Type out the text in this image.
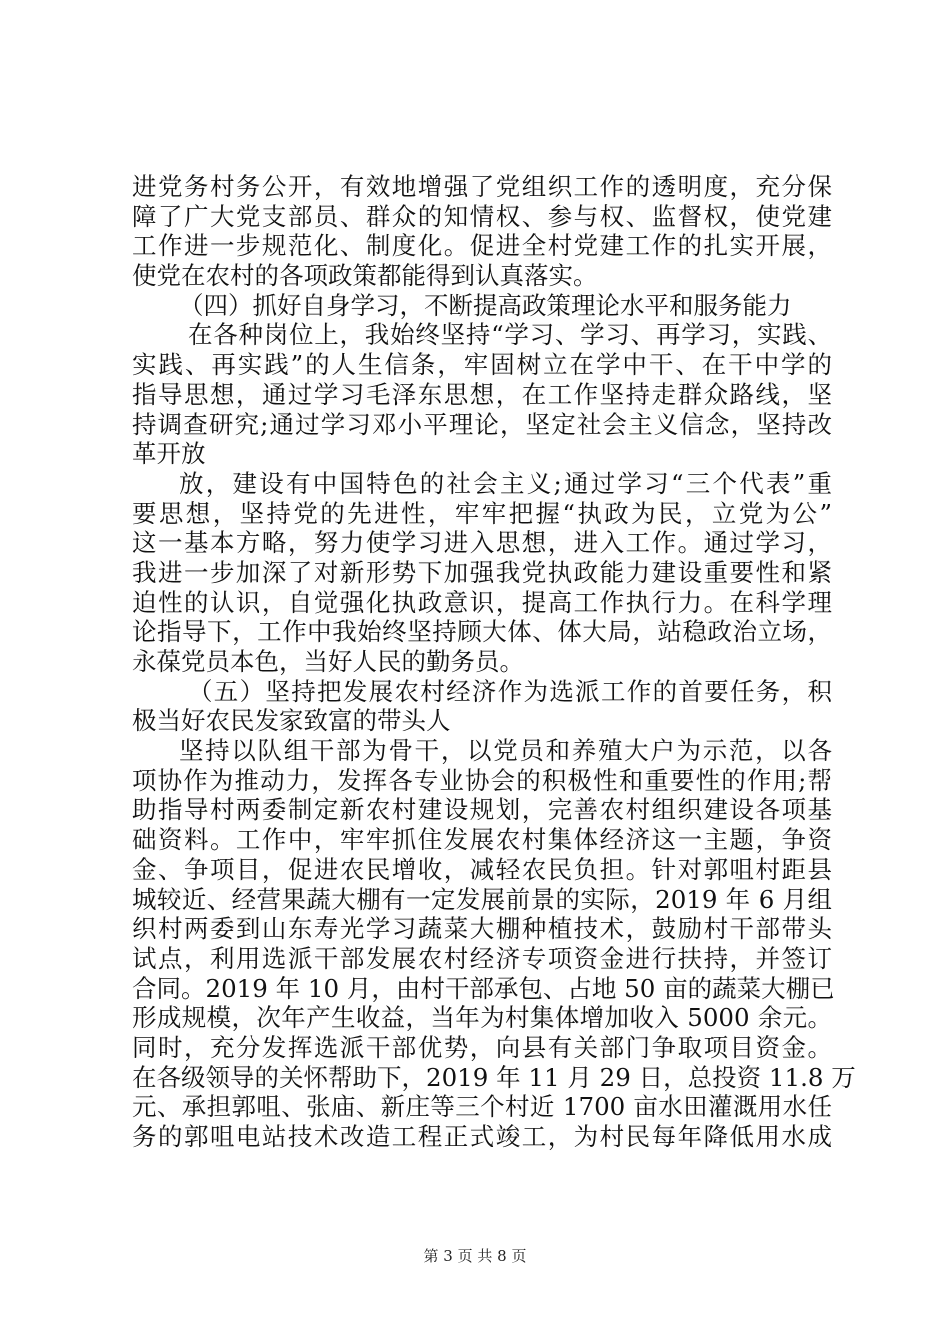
进党务村务公开，有效地增强了党组织工作的透明度，充分保
障了广大党支部员、群众的知情权、参与权、监督权，使党建
工作进一步规范化、制度化。促进全村党建工作的扎实开展，
使党在农村的各项政策都能得到认真落实。
（四）抓好自身学习，不断提高政策理论水平和服务能力
在各种岗位上，我始终坚持“学习、学习、再学习，实践、
实践、再实践”的人生信条，牢固树立在学中干、在干中学的
指导思想，通过学习毛泽东思想，在工作坚持走群众路线，坚
持调查研究;通过学习邓小平理论，坚定社会主义信念，坚持改
革开放
放，建设有中国特色的社会主义;通过学习“三个代表”重
要思想，坚持党的先进性，牢牢把握“执政为民，立党为公”
这一基本方略，努力使学习进入思想，进入工作。通过学习，
我进一步加深了对新形势下加强我党执政能力建设重要性和紧
迫性的认识，自觉强化执政意识，提高工作执行力。在科学理
论指导下，工作中我始终坚持顾大体、体大局，站稳政治立场，
永葆党员本色，当好人民的勤务员。
（五）坚持把发展农村经济作为选派工作的首要任务，积
极当好农民发家致富的带头人
坚持以队组干部为骨干，以党员和养殖大户为示范，以各
项协作为推动力，发挥各专业协会的积极性和重要性的作用;帮
助指导村两委制定新农村建设规划，完善农村组织建设各项基
础资料。工作中，牢牢抓住发展农村集体经济这一主题，争资
金、争项目，促进农民增收，减轻农民负担。针对郭咀村距县
城较近、经营果蔬大棚有一定发展前景的实际，2019 年 6 月组
织村两委到山东寿光学习蔬菜大棚种植技术，鼓励村干部带头
试点，利用选派干部发展农村经济专项资金进行扶持，并签订
合同。2019 年 10 月，由村干部承包、占地 50 亩的蔬菜大棚已
形成规模，次年产生收益，当年为村集体增加收入 5000 余元。
同时，充分发挥选派干部优势，向县有关部门争取项目资金。
在各级领导的关怀帮助下，2019 年 11 月 29 日，总投资 11.8 万
元、承担郭咀、张庙、新庄等三个村近 1700 亩水田灌溉用水任
务的郭咀电站技术改造工程正式竣工，为村民每年降低用水成
第 3 页 共 8 页
